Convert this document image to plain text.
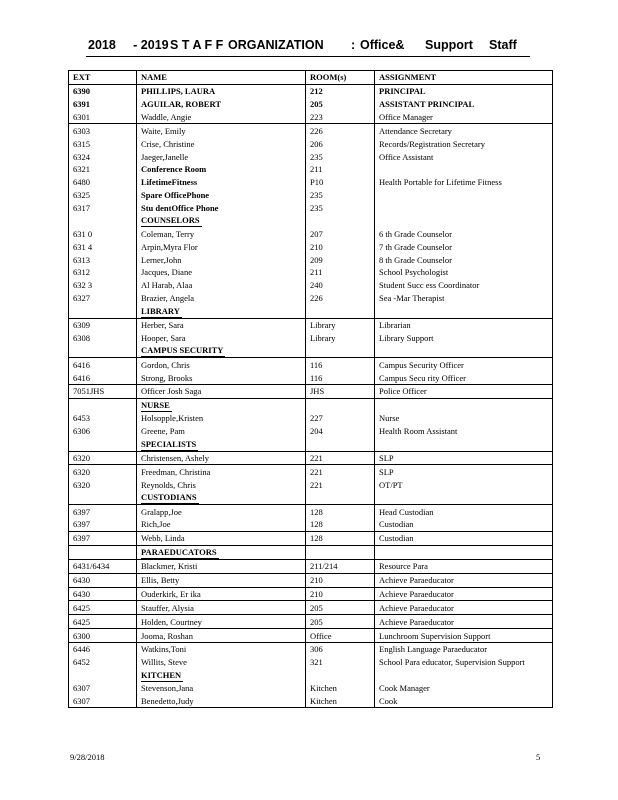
2018     - 2019 S T A F F ORGANIZATION : Office& Support Staff
EXT	NAME	ROOM(s)	ASSIGNMENT
6390	PHILLIPS, LAURA	212	PRINCIPAL
6391	AGUILAR, ROBERT	205	ASSISTANT PRINCIPAL
6301	Waddle, Angie	223	Office Manager
6303	Waite, Emily	226	Attendance Secretary
6315	Crise, Christine	206	Records/Registration Secretary
6324	Jaeger,Janelle	235	Office Assistant
6321	Conference Room	211	
6480	LifetimeFitness	P10	Health Portable for Lifetime Fitness
6325	Spare OfficePhone	235	
6317	Stu dentOffice Phone	235	
	COUNSELORS		
631 0	Coleman, Terry	207	6 th Grade Counselor
631 4	Arpin,Myra Flor	210	7 th Grade Counselor
6313	Lerner,John	209	8 th Grade Counselor
6312	Jacques, Diane	211	School Psychologist
632 3	Al Harab, Alaa	240	Student Succ ess Coordinator
6327	Brazier, Angela	226	Sea -Mar Therapist
	LIBRARY		
6309	Herber, Sara	Library	Librarian
6308	Hooper, Sara	Library	Library Support
	CAMPUS SECURITY		
6416	Gordon, Chris	116	Campus Security Officer
6416	Strong, Brooks	116	Campus Secu rity Officer
7051JHS	Officer Josh Saga	JHS	Police Officer
	NURSE		
6453	Holsopple,Kristen	227	Nurse
6306	Greene, Pam	204	Health Room Assistant
	SPECIALISTS		
6320	Christensen, Ashely	221	SLP
6320	Freedman, Christina	221	SLP
6320	Reynolds, Chris	221	OT/PT
	CUSTODIANS		
6397	Gralapp,Joe	128	Head Custodian
6397	Rich,Joe	128	Custodian
6397	Webb, Linda	128	Custodian
	PARAEDUCATORS		
6431/6434	Blackmer, Kristi	211/214	Resource Para
6430	Ellis, Betty	210	Achieve Paraeducator
6430	Ouderkirk, Er ika	210	Achieve Paraeducator
6425	Stauffer, Alysia	205	Achieve Paraeducator
6425	Holden, Courtney	205	Achieve Paraeducator
6300	Jooma, Roshan	Office	Lunchroom Supervision Support
6446	Watkins,Toni	306	English Language Paraeducator
6452	Willits, Steve	321	School Para educator, Supervision Support
	KITCHEN		
6307	Stevenson,Jana	Kitchen	Cook Manager
6307	Benedetto,Judy	Kitchen	Cook
9/28/2018	5
